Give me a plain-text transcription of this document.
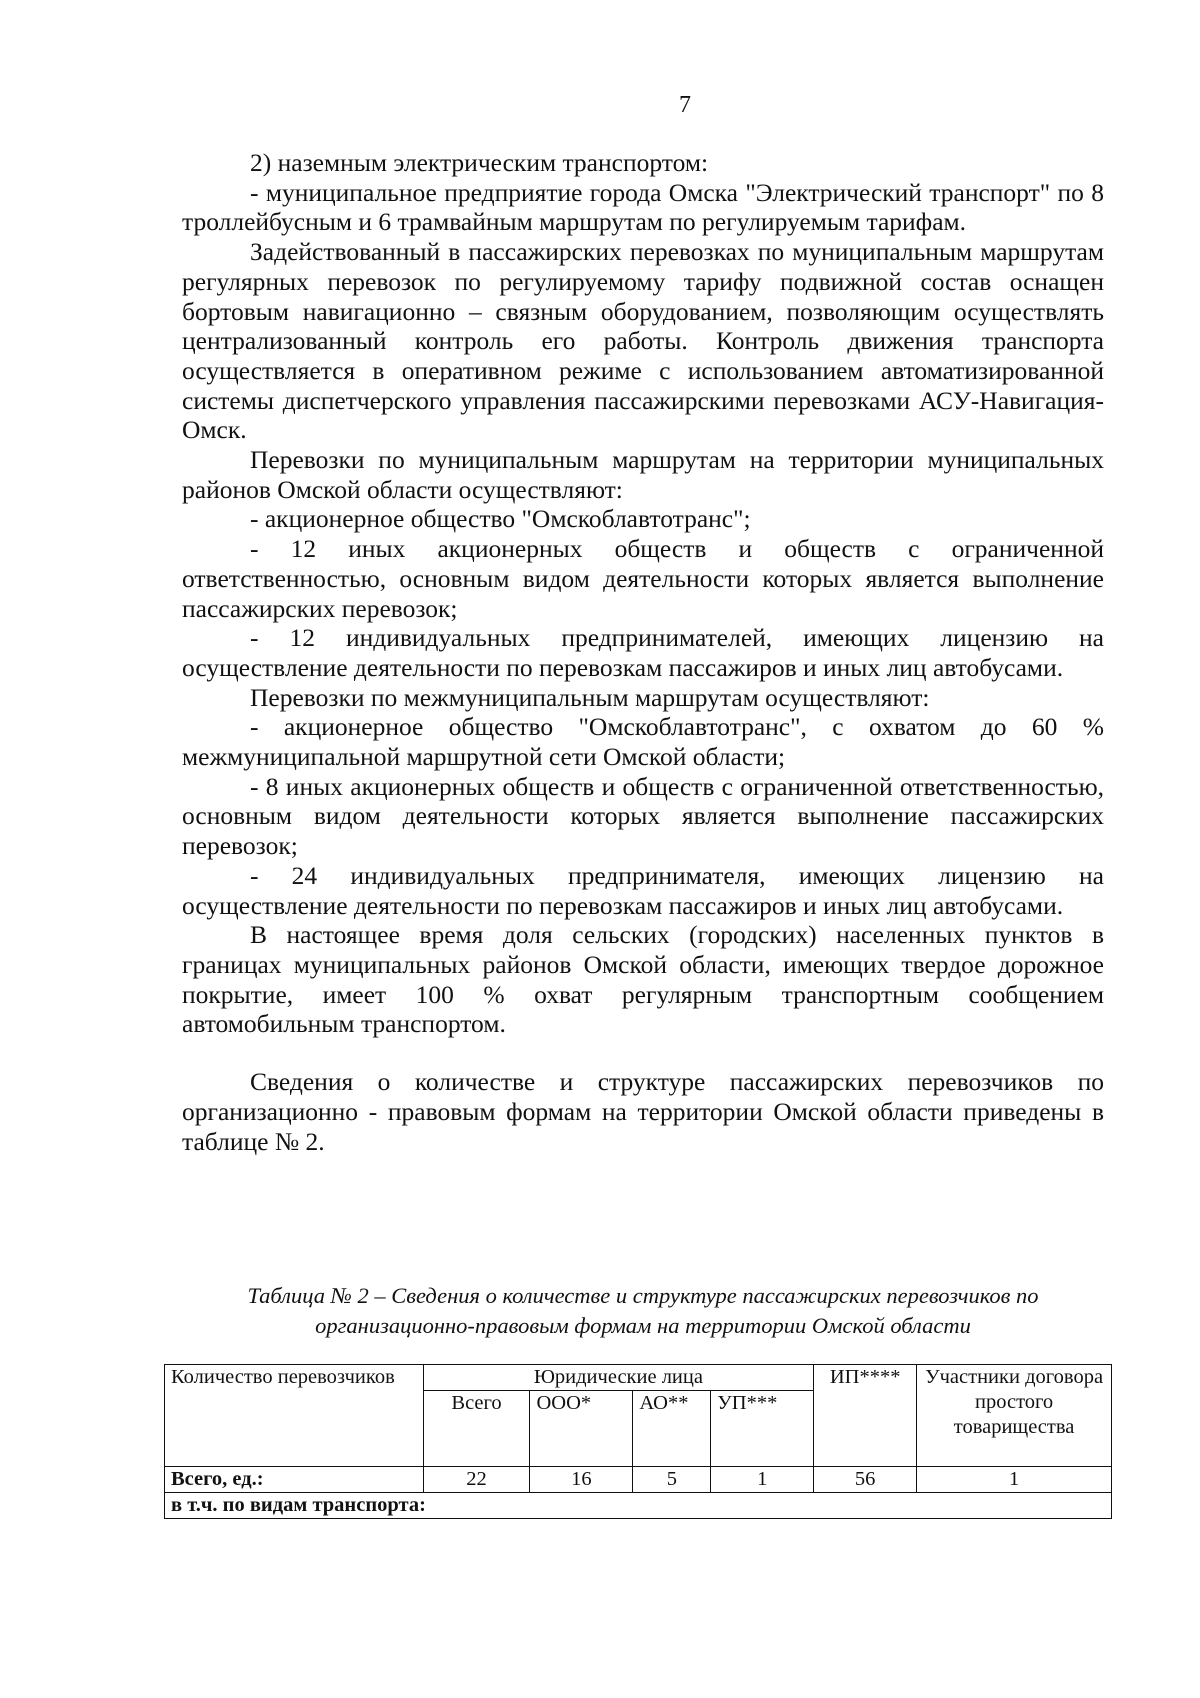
7

2) наземным электрическим транспортом:

- муниципальное предприятие города Омска "Электрический транспорт" по 8 троллейбусным и 6 трамвайным маршрутам по регулируемым тарифам.

Задействованный в пассажирских перевозках по муниципальным маршрутам регулярных перевозок по регулируемому тарифу подвижной состав оснащен бортовым навигационно – связным оборудованием, позволяющим осуществлять централизованный контроль его работы. Контроль движения транспорта осуществляется в оперативном режиме с использованием автоматизированной системы диспетчерского управления пассажирскими перевозками АСУ-Навигация-Омск.

Перевозки по муниципальным маршрутам на территории муниципальных районов Омской области осуществляют:

- акционерное общество "Омскоблавтотранс";

- 12 иных акционерных обществ и обществ с ограниченной ответственностью, основным видом деятельности которых является выполнение пассажирских перевозок;

- 12 индивидуальных предпринимателей, имеющих лицензию на осуществление деятельности по перевозкам пассажиров и иных лиц автобусами.

Перевозки по межмуниципальным маршрутам осуществляют:

- акционерное общество "Омскоблавтотранс", с охватом до 60 % межмуниципальной маршрутной сети Омской области;

- 8 иных акционерных обществ и обществ с ограниченной ответственностью, основным видом деятельности которых является выполнение пассажирских перевозок;

- 24 индивидуальных предпринимателя, имеющих лицензию на осуществление деятельности по перевозкам пассажиров и иных лиц автобусами.

В настоящее время доля сельских (городских) населенных пунктов в границах муниципальных районов Омской области, имеющих твердое дорожное покрытие, имеет 100 % охват регулярным транспортным сообщением автомобильным транспортом.

Сведения о количестве и структуре пассажирских перевозчиков по организационно - правовым формам на территории Омской области приведены в таблице № 2.

Таблица № 2 – Сведения о количестве и структуре пассажирских перевозчиков по организационно-правовым формам на территории Омской области
Количество перевозчиков	Юридические лица				ИП****	Участники договора простого товарищества
	Всего	ООО*	АО**	УП***		
Всего, ед.:	22	16	5	1	56	1
в т.ч. по видам транспорта:						
